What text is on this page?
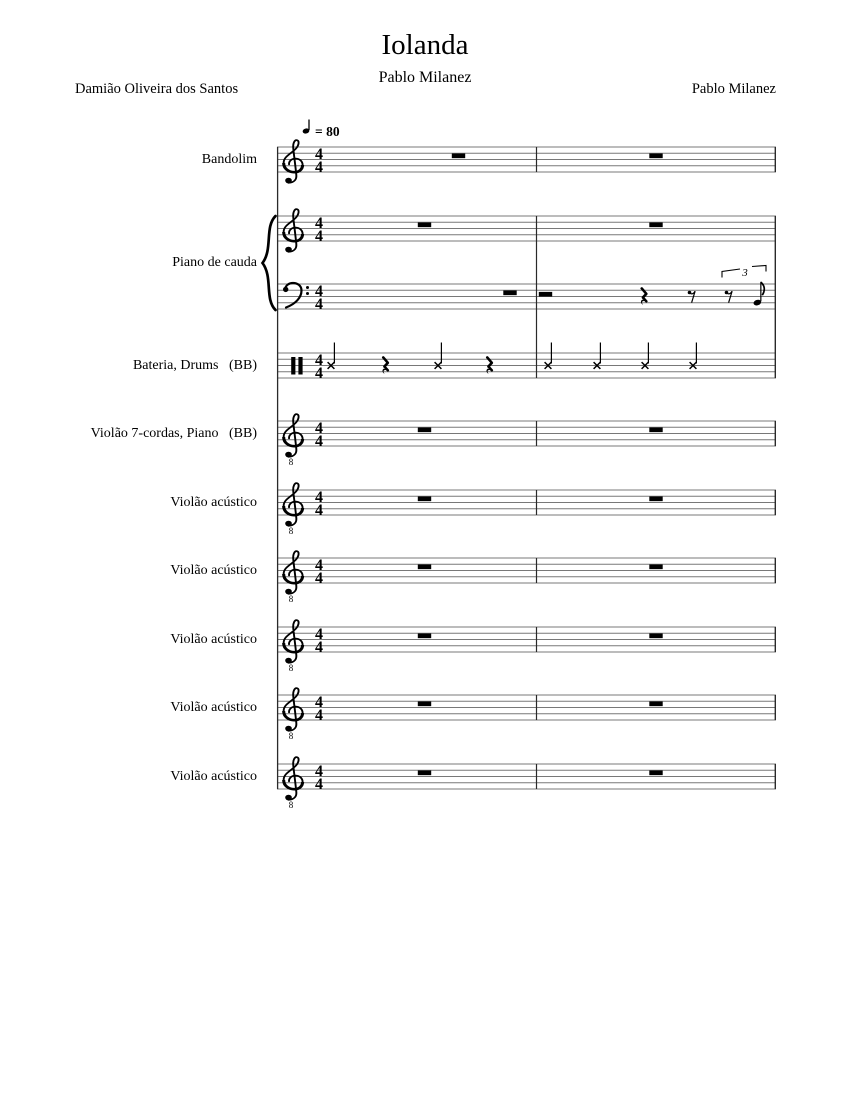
Iolanda
Pablo Milanez
Damião Oliveira dos Santos	Pablo Milanez
Bandolim
Piano de cauda
Bateria, Drums   (BB)
Violão 7-cordas, Piano   (BB)
Violão acústico
Violão acústico
Violão acústico
Violão acústico
Violão acústico
4
4
4
4
4
4
4
4
8
4
4
8
4
4
8
4
4
8
4
4
8
4
4
8
4
4
= 80
3
